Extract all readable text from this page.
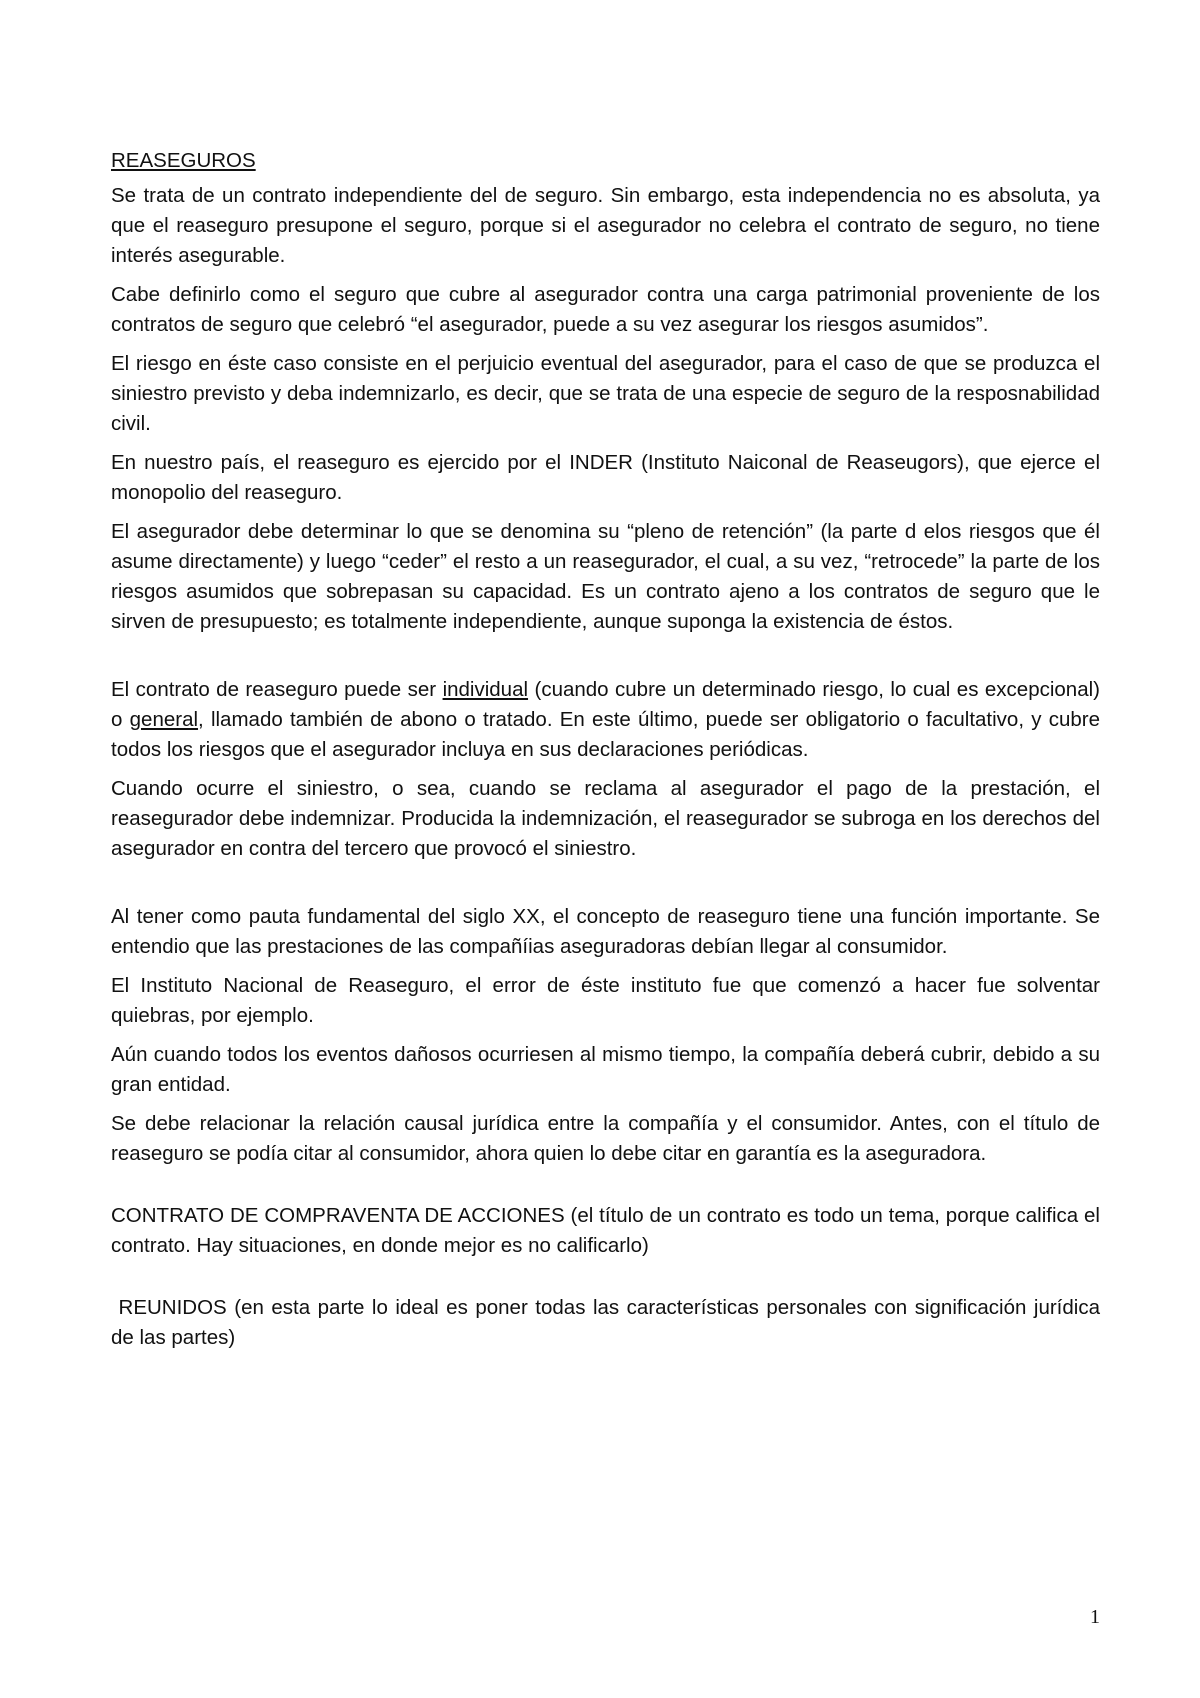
REASEGUROS

Se trata de un contrato independiente del de seguro. Sin embargo, esta independencia no es absoluta, ya que el reaseguro presupone el seguro, porque si el asegurador no celebra el contrato de seguro, no tiene interés asegurable.

Cabe definirlo como el seguro que cubre al asegurador contra una carga patrimonial proveniente de los contratos de seguro que celebró “el asegurador, puede a su vez asegurar los riesgos asumidos”.

El riesgo en éste caso consiste en el perjuicio eventual del asegurador, para el caso de que se produzca el siniestro previsto y deba indemnizarlo, es decir, que se trata de una especie de seguro de la resposnabilidad civil.

En nuestro país, el reaseguro es ejercido por el INDER (Instituto Naiconal de Reaseugors), que ejerce el monopolio del reaseguro.

El asegurador debe determinar lo que se denomina su “pleno de retención” (la parte d elos riesgos que él asume directamente) y luego “ceder” el resto a un reasegurador, el cual, a su vez, “retrocede” la parte de los riesgos asumidos que sobrepasan su capacidad. Es un contrato ajeno a los contratos de seguro que le sirven de presupuesto; es totalmente independiente, aunque suponga la existencia de éstos.

El contrato de reaseguro puede ser individual (cuando cubre un determinado riesgo, lo cual es excepcional) o general, llamado también de abono o tratado. En este último, puede ser obligatorio o facultativo, y cubre todos los riesgos que el asegurador incluya en sus declaraciones periódicas.

Cuando ocurre el siniestro, o sea, cuando se reclama al asegurador el pago de la prestación, el reasegurador debe indemnizar. Producida la indemnización, el reasegurador se subroga en los derechos del asegurador en contra del tercero que provocó el siniestro.

Al tener como pauta fundamental del siglo XX, el concepto de reaseguro tiene una función importante. Se entendio que las prestaciones de las compañíias aseguradoras debían llegar al consumidor.

El Instituto Nacional de Reaseguro, el error de éste instituto fue que comenzó a hacer fue solventar quiebras, por ejemplo.

Aún cuando todos los eventos dañosos ocurriesen al mismo tiempo, la compañía deberá cubrir, debido a su gran entidad.

Se debe relacionar la relación causal jurídica entre la compañía y el consumidor. Antes, con el título de reaseguro se podía citar al consumidor, ahora quien lo debe citar en garantía es la aseguradora.

CONTRATO DE COMPRAVENTA DE ACCIONES (el título de un contrato es todo un tema, porque califica el contrato. Hay situaciones, en donde mejor es no calificarlo)

REUNIDOS (en esta parte lo ideal es poner todas las características personales con significación jurídica de las partes)

1
